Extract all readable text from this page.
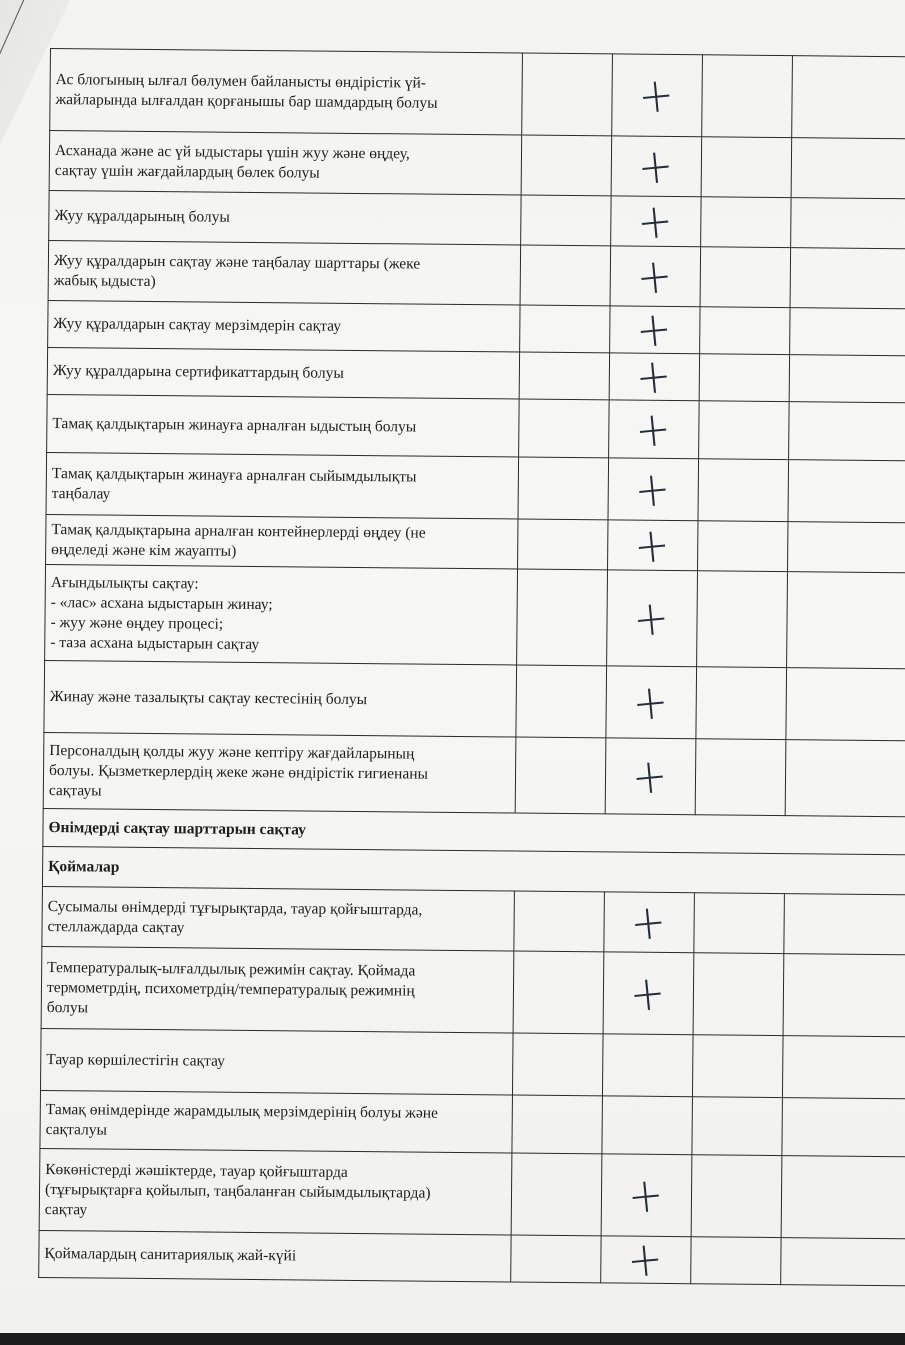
Ас блогының ылғал бөлумен байланысты өндірістік үй-
жайларында ылғалдан қорғанышы бар шамдардың болуы		+		

Асханада және ас үй ыдыстары үшін жуу және өңдеу,
сақтау үшін жағдайлардың бөлек болуы		+		

Жуу құралдарының болуы		+		

Жуу құралдарын сақтау және таңбалау шарттары (жеке
жабық ыдыста)		+		

Жуу құралдарын сақтау мерзімдерін сақтау		+		

Жуу құралдарына сертификаттардың болуы		+		

Тамақ қалдықтарын жинауға арналған ыдыстың болуы		+		

Тамақ қалдықтарын жинауға арналған сыйымдылықты
таңбалау		+		

Тамақ қалдықтарына арналған контейнерлерді өңдеу (не
өңделеді және кім жауапты)		+		

Ағындылықты сақтау:
- «лас» асхана ыдыстарын жинау;
- жуу және өңдеу процесі;
- таза асхана ыдыстарын сақтау		+		

Жинау және тазалықты сақтау кестесінің болуы		+		

Персоналдың қолды жуу және кептіру жағдайларының
болуы. Қызметкерлердің жеке және өндірістік гигиенаны
сақтауы		+		
Өнімдерді сақтау шарттарын сақтау				
Қоймалар				

Сусымалы өнімдерді тұғырықтарда, тауар қойғыштарда,
стеллаждарда сақтау		+		

Температуралық-ылғалдылық режимін сақтау. Қоймада
термометрдің, психометрдің/температуралық режимнің
болуы		+		

Тауар көршілестігін сақтау				

Тамақ өнімдерінде жарамдылық мерзімдерінің болуы және
сақталуы				

Көкөністерді жәшіктерде, тауар қойғыштарда
(тұғырықтарға қойылып, таңбаланған сыйымдылықтарда)
сақтау		+		

Қоймалардың санитариялық жай-күйі		+		
